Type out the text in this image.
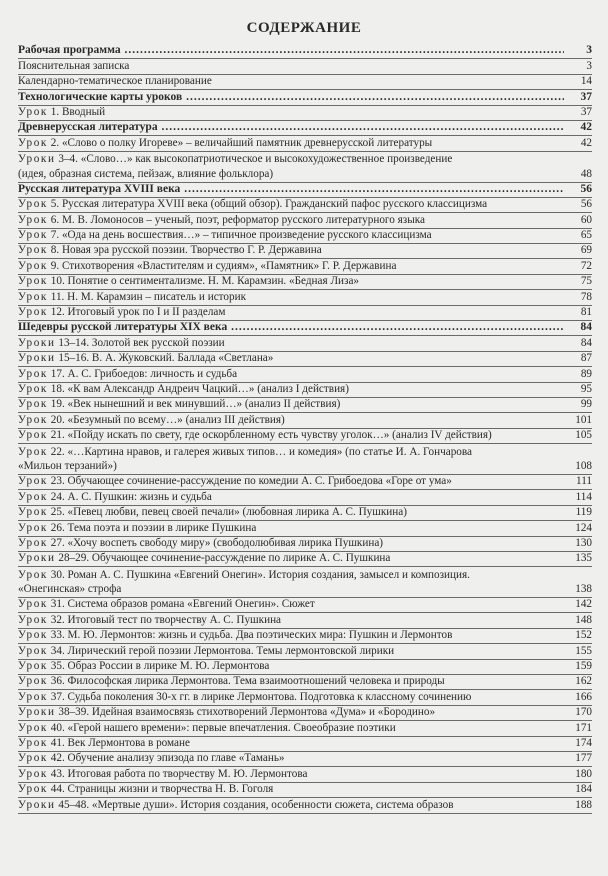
СОДЕРЖАНИЕ
Рабочая программа .....	3
Пояснительная записка	3
Календарно-тематическое планирование	14
Технологические карты уроков .....	37
Урок 1. Вводный	37
Древнерусская литература .....	42
Урок 2. «Слово о полку Игореве» – величайший памятник древнерусской литературы	42
Уроки 3–4. «Слово…» как высокопатриотическое и высокохудожественное произведение
(идея, образная система, пейзаж, влияние фольклора)	48
Русская литература XVIII века .....	56
Урок 5. Русская литература XVIII века (общий обзор). Гражданский пафос русского классицизма	56
Урок 6. М. В. Ломоносов – ученый, поэт, реформатор русского литературного языка	60
Урок 7. «Ода на день восшествия…» – типичное произведение русского классицизма	65
Урок 8. Новая эра русской поэзии. Творчество Г. Р. Державина	69
Урок 9. Стихотворения «Властителям и судиям», «Памятник» Г. Р. Державина	72
Урок 10. Понятие о сентиментализме. Н. М. Карамзин. «Бедная Лиза»	75
Урок 11. Н. М. Карамзин – писатель и историк	78
Урок 12. Итоговый урок по I и II разделам	81
Шедевры русской литературы XIX века .....	84
Уроки 13–14. Золотой век русской поэзии	84
Уроки 15–16. В. А. Жуковский. Баллада «Светлана»	87
Урок 17. А. С. Грибоедов: личность и судьба	89
Урок 18. «К вам Александр Андреич Чацкий…» (анализ I действия)	95
Урок 19. «Век нынешний и век минувший…» (анализ II действия)	99
Урок 20. «Безумный по всему…» (анализ III действия)	101
Урок 21. «Пойду искать по свету, где оскорбленному есть чувству уголок…» (анализ IV действия)	105
Урок 22. «…Картина нравов, и галерея живых типов… и комедия» (по статье И. А. Гончарова
«Мильон терзаний»)	108
Урок 23. Обучающее сочинение-рассуждение по комедии А. С. Грибоедова «Горе от ума»	111
Урок 24. А. С. Пушкин: жизнь и судьба	114
Урок 25. «Певец любви, певец своей печали» (любовная лирика А. С. Пушкина)	119
Урок 26. Тема поэта и поэзии в лирике Пушкина	124
Урок 27. «Хочу воспеть свободу миру» (свободолюбивая лирика Пушкина)	130
Уроки 28–29. Обучающее сочинение-рассуждение по лирике А. С. Пушкина	135
Урок 30. Роман А. С. Пушкина «Евгений Онегин». История создания, замысел и композиция.
«Онегинская» строфа	138
Урок 31. Система образов романа «Евгений Онегин». Сюжет	142
Урок 32. Итоговый тест по творчеству А. С. Пушкина	148
Урок 33. М. Ю. Лермонтов: жизнь и судьба. Два поэтических мира: Пушкин и Лермонтов	152
Урок 34. Лирический герой поэзии Лермонтова. Темы лермонтовской лирики	155
Урок 35. Образ России в лирике М. Ю. Лермонтова	159
Урок 36. Философская лирика Лермонтова. Тема взаимоотношений человека и природы	162
Урок 37. Судьба поколения 30-х гг. в лирике Лермонтова. Подготовка к классному сочинению	166
Уроки 38–39. Идейная взаимосвязь стихотворений Лермонтова «Дума» и «Бородино»	170
Урок 40. «Герой нашего времени»: первые впечатления. Своеобразие поэтики	171
Урок 41. Век Лермонтова в романе	174
Урок 42. Обучение анализу эпизода по главе «Тамань»	177
Урок 43. Итоговая работа по творчеству М. Ю. Лермонтова	180
Урок 44. Страницы жизни и творчества Н. В. Гоголя	184
Уроки 45–48. «Мертвые души». История создания, особенности сюжета, система образов	188
